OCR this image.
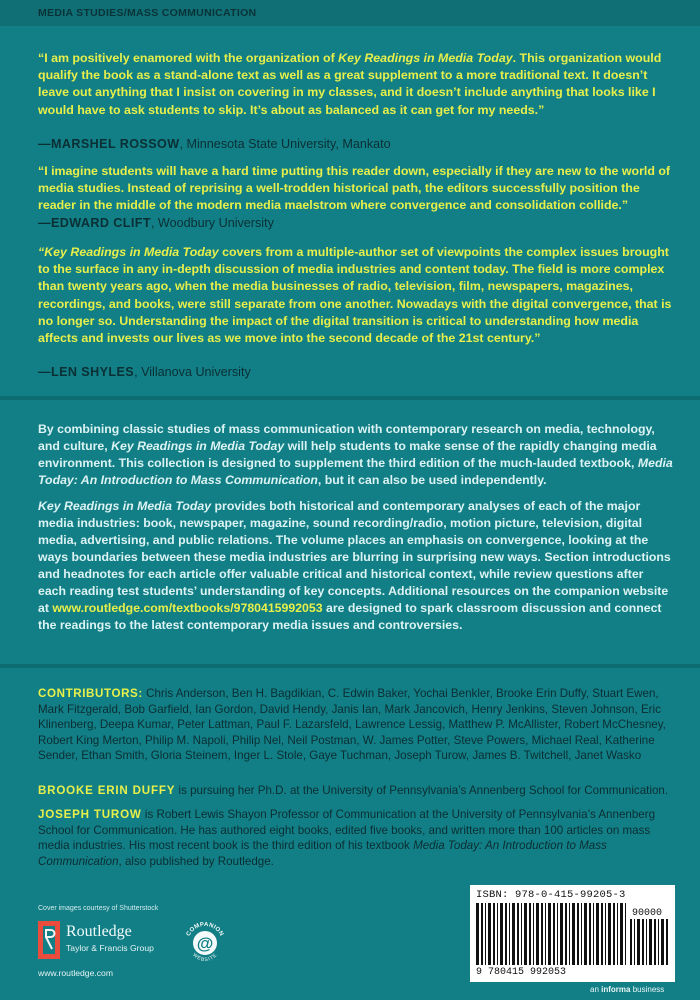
MEDIA STUDIES/MASS COMMUNICATION
“I am positively enamored with the organization of Key Readings in Media Today. This organization would qualify the book as a stand-alone text as well as a great supplement to a more traditional text. It doesn’t leave out anything that I insist on covering in my classes, and it doesn’t include anything that looks like I would have to ask students to skip. It’s about as balanced as it can get for my needs.”
—MARSHEL ROSSOW, Minnesota State University, Mankato
“I imagine students will have a hard time putting this reader down, especially if they are new to the world of media studies. Instead of reprising a well-trodden historical path, the editors successfully position the reader in the middle of the modern media maelstrom where convergence and consolidation collide.”
—EDWARD CLIFT, Woodbury University
“Key Readings in Media Today covers from a multiple-author set of viewpoints the complex issues brought to the surface in any in-depth discussion of media industries and content today. The field is more complex than twenty years ago, when the media businesses of radio, television, film, newspapers, magazines, recordings, and books, were still separate from one another. Nowadays with the digital convergence, that is no longer so. Understanding the impact of the digital transition is critical to understanding how media affects and invests our lives as we move into the second decade of the 21st century.”
—LEN SHYLES, Villanova University
By combining classic studies of mass communication with contemporary research on media, technology, and culture, Key Readings in Media Today will help students to make sense of the rapidly changing media environment. This collection is designed to supplement the third edition of the much-lauded textbook, Media Today: An Introduction to Mass Communication, but it can also be used independently.
Key Readings in Media Today provides both historical and contemporary analyses of each of the major media industries: book, newspaper, magazine, sound recording/radio, motion picture, television, digital media, advertising, and public relations. The volume places an emphasis on convergence, looking at the ways boundaries between these media industries are blurring in surprising new ways. Section introductions and headnotes for each article offer valuable critical and historical context, while review questions after each reading test students’ understanding of key concepts. Additional resources on the companion website at www.routledge.com/textbooks/9780415992053 are designed to spark classroom discussion and connect the readings to the latest contemporary media issues and controversies.
CONTRIBUTORS: Chris Anderson, Ben H. Bagdikian, C. Edwin Baker, Yochai Benkler, Brooke Erin Duffy, Stuart Ewen, Mark Fitzgerald, Bob Garfield, Ian Gordon, David Hendy, Janis Ian, Mark Jancovich, Henry Jenkins, Steven Johnson, Eric Klinenberg, Deepa Kumar, Peter Lattman, Paul F. Lazarsfeld, Lawrence Lessig, Matthew P. McAllister, Robert McChesney, Robert King Merton, Philip M. Napoli, Philip Nel, Neil Postman, W. James Potter, Steve Powers, Michael Real, Katherine Sender, Ethan Smith, Gloria Steinem, Inger L. Stole, Gaye Tuchman, Joseph Turow, James B. Twitchell, Janet Wasko
BROOKE ERIN DUFFY is pursuing her Ph.D. at the University of Pennsylvania’s Annenberg School for Communication.
JOSEPH TUROW is Robert Lewis Shayon Professor of Communication at the University of Pennsylvania’s Annenberg School for Communication. He has authored eight books, edited five books, and written more than 100 articles on mass media industries. His most recent book is the third edition of his textbook Media Today: An Introduction to Mass Communication, also published by Routledge.
Cover images courtesy of Shutterstock
Routledge
Taylor & Francis Group
www.routledge.com
@
COMPANION
WEBSITE
ISBN: 978-0-415-99205-3
90000
9 780415 992053
an informa business
